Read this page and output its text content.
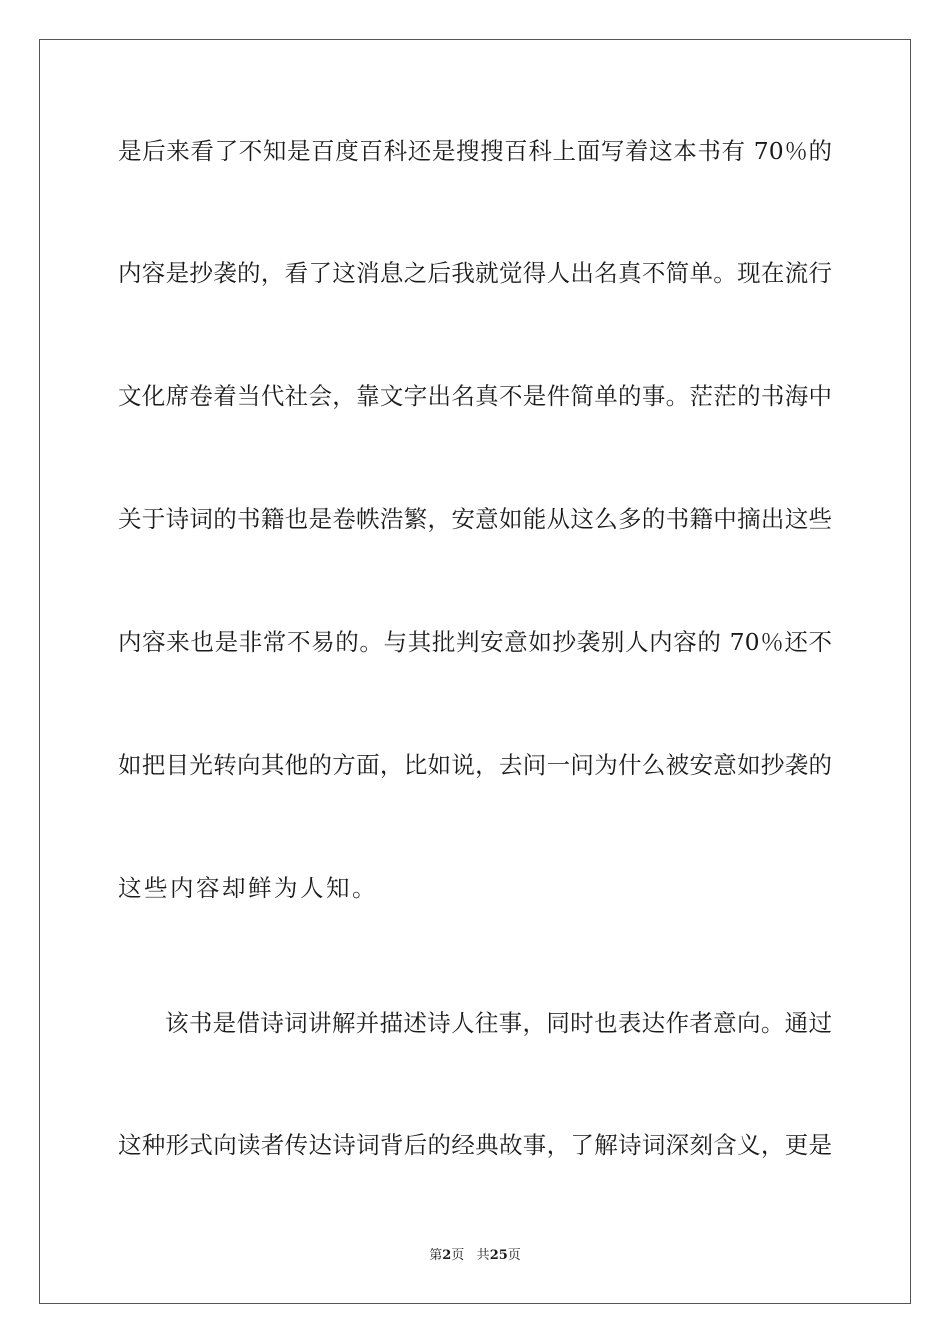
是后来看了不知是百度百科还是搜搜百科上面写着这本书有 70％的
内容是抄袭的，看了这消息之后我就觉得人出名真不简单。现在流行
文化席卷着当代社会，靠文字出名真不是件简单的事。茫茫的书海中
关于诗词的书籍也是卷帙浩繁，安意如能从这么多的书籍中摘出这些
内容来也是非常不易的。与其批判安意如抄袭别人内容的 70％还不
如把目光转向其他的方面，比如说，去问一问为什么被安意如抄袭的
这些内容却鲜为人知。
该书是借诗词讲解并描述诗人往事，同时也表达作者意向。通过
这种形式向读者传达诗词背后的经典故事，了解诗词深刻含义，更是
第2页 共25页
